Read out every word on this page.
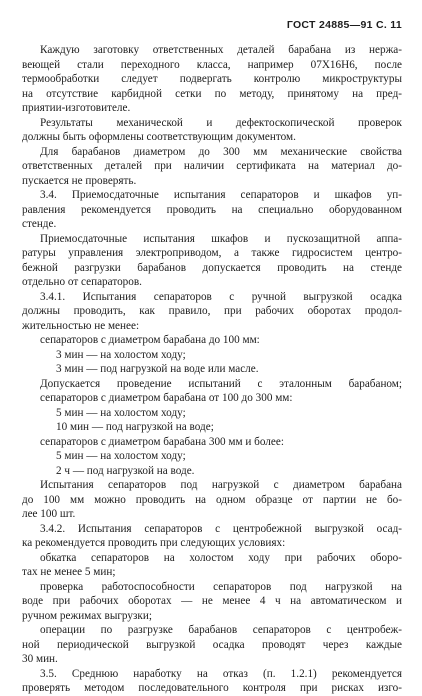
ГОСТ 24885—91 С. 11
Каждую заготовку ответственных деталей барабана из нержа-
веющей стали переходного класса, например 07Х16Н6, после
термообработки следует подвергать контролю микроструктуры
на отсутствие карбидной сетки по методу, принятому на пред-
приятии-изготовителе.
Результаты механической и дефектоскопической проверок
должны быть оформлены соответствующим документом.
Для барабанов диаметром до 300 мм механические свойства
ответственных деталей при наличии сертификата на материал до-
пускается не проверять.
3.4. Приемосдаточные испытания сепараторов и шкафов уп-
равления рекомендуется проводить на специально оборудованном
стенде.
Приемосдаточные испытания шкафов и пускозащитной аппа-
ратуры управления электроприводом, а также гидросистем центро-
бежной разгрузки барабанов допускается проводить на стенде
отдельно от сепараторов.
3.4.1. Испытания сепараторов с ручной выгрузкой осадка
должны проводить, как правило, при рабочих оборотах продол-
жительностью не менее:
сепараторов с диаметром барабана до 100 мм:
3 мин — на холостом ходу;
3 мин — под нагрузкой на воде или масле.
Допускается проведение испытаний с эталонным барабаном;
сепараторов с диаметром барабана от 100 до 300 мм:
5 мин — на холостом ходу;
10 мин — под нагрузкой на воде;
сепараторов с диаметром барабана 300 мм и более:
5 мин — на холостом ходу;
2 ч — под нагрузкой на воде.
Испытания сепараторов под нагрузкой с диаметром барабана
до 100 мм можно проводить на одном образце от партии не бо-
лее 100 шт.
3.4.2. Испытания сепараторов с центробежной выгрузкой осад-
ка рекомендуется проводить при следующих условиях:
обкатка сепараторов на холостом ходу при рабочих оборо-
тах не менее 5 мин;
проверка работоспособности сепараторов под нагрузкой на
воде при рабочих оборотах — не менее 4 ч на автоматическом и
ручном режимах выгрузки;
операции по разгрузке барабанов сепараторов с центробеж-
ной периодической выгрузкой осадка проводят через каждые
30 мин.
3.5. Среднюю наработку на отказ (п. 1.2.1) рекомендуется
проверять методом последовательного контроля при рисках изго-
